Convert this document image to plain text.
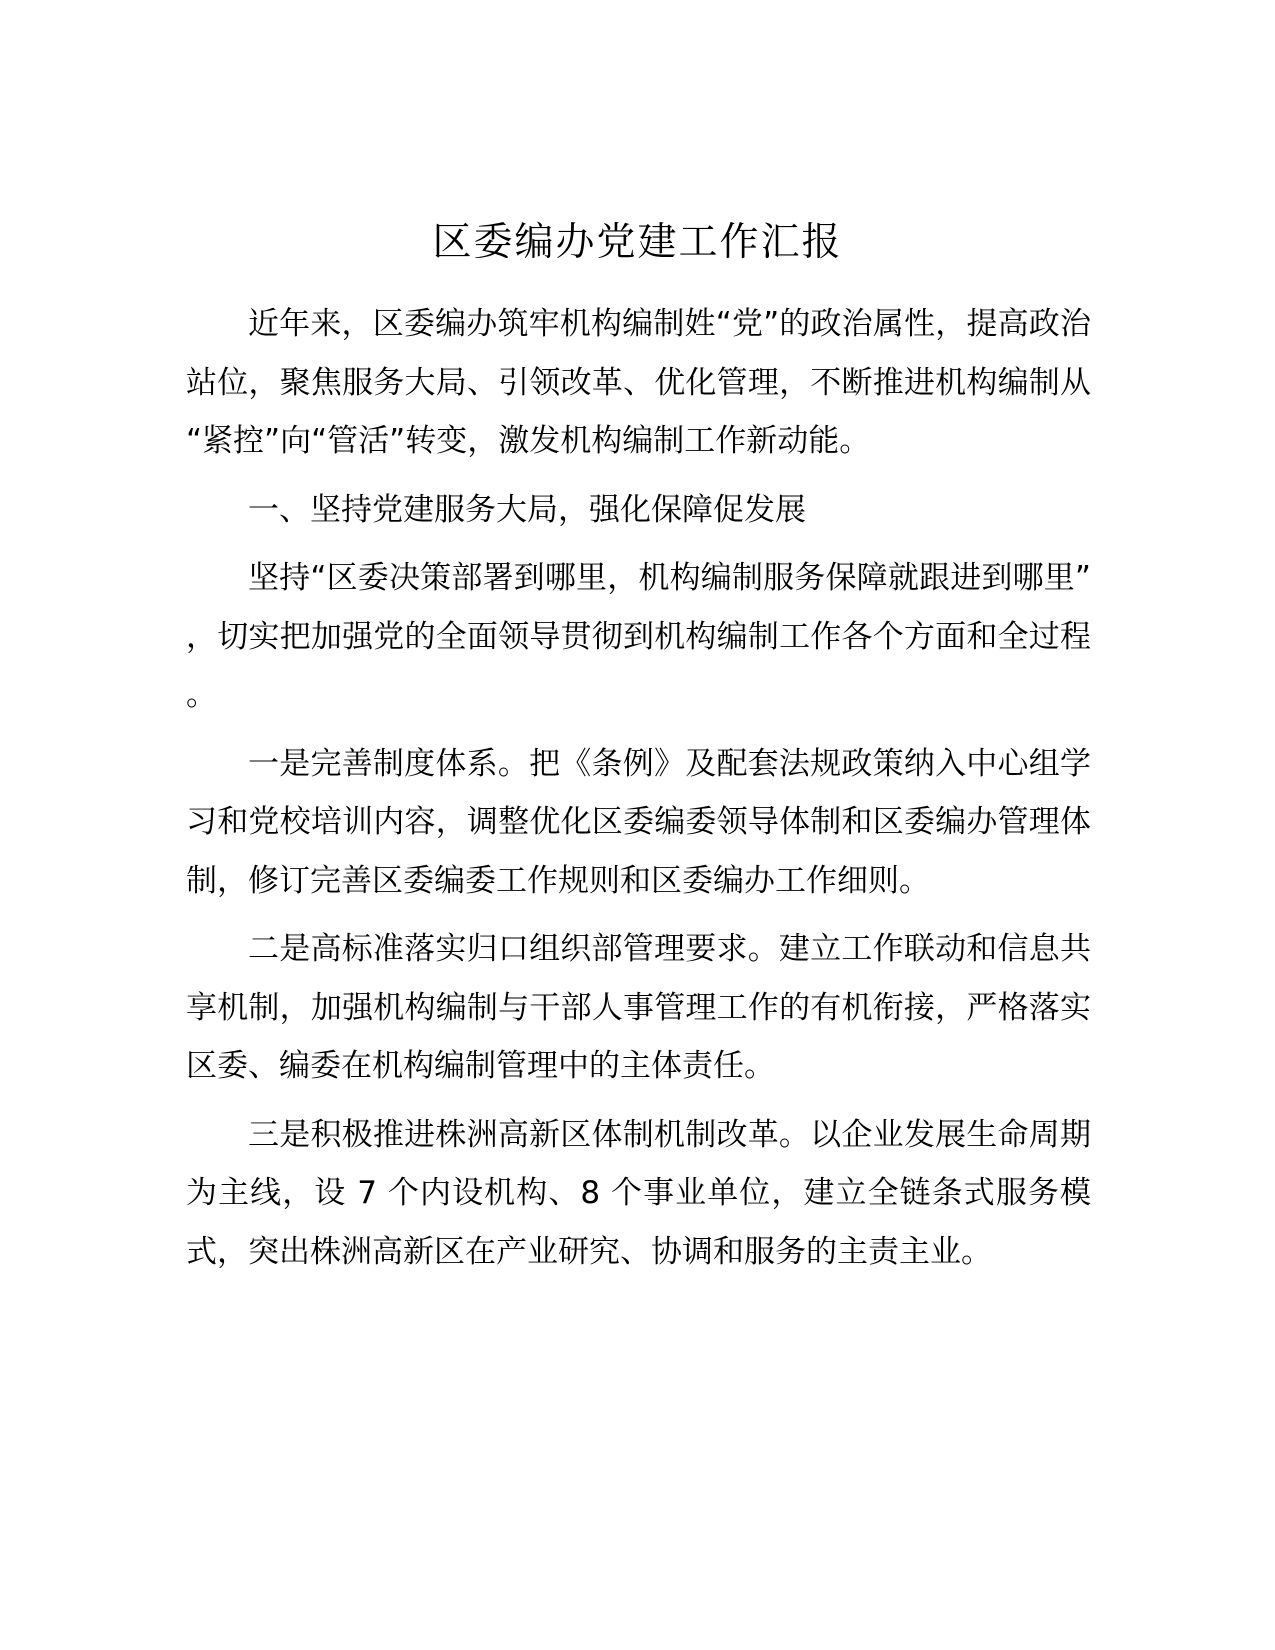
区委编办党建工作汇报

近年来，区委编办筑牢机构编制姓“党”的政治属性，提高政治站位，聚焦服务大局、引领改革、优化管理，不断推进机构编制从“紧控”向“管活”转变，激发机构编制工作新动能。

一、坚持党建服务大局，强化保障促发展

坚持“区委决策部署到哪里，机构编制服务保障就跟进到哪里”，切实把加强党的全面领导贯彻到机构编制工作各个方面和全过程。

一是完善制度体系。把《条例》及配套法规政策纳入中心组学习和党校培训内容，调整优化区委编委领导体制和区委编办管理体制，修订完善区委编委工作规则和区委编办工作细则。

二是高标准落实归口组织部管理要求。建立工作联动和信息共享机制，加强机构编制与干部人事管理工作的有机衔接，严格落实区委、编委在机构编制管理中的主体责任。

三是积极推进株洲高新区体制机制改革。以企业发展生命周期为主线，设 7 个内设机构、8 个事业单位，建立全链条式服务模式，突出株洲高新区在产业研究、协调和服务的主责主业。
